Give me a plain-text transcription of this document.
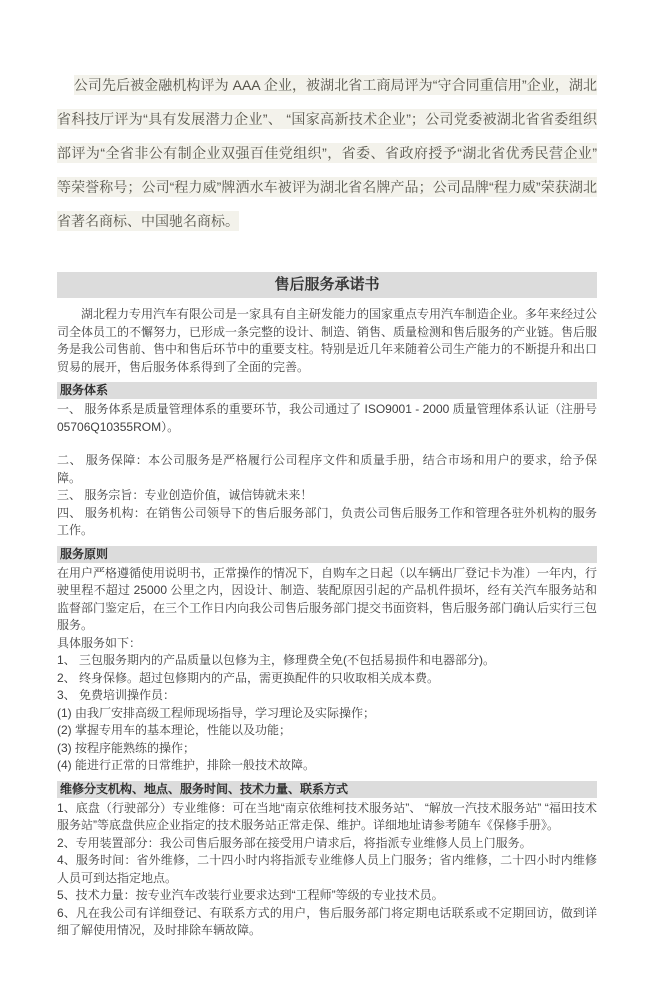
公司先后被金融机构评为 AAA 企业，被湖北省工商局评为“守合同重信用”企业，湖北省科技厅评为“具有发展潜力企业”、 “国家高新技术企业”；公司党委被湖北省省委组织部评为“全省非公有制企业双强百佳党组织”，省委、省政府授予“湖北省优秀民营企业” 等荣誉称号；公司“程力威”牌洒水车被评为湖北省名牌产品；公司品牌“程力威”荣获湖北省著名商标、中国驰名商标。

售后服务承诺书

湖北程力专用汽车有限公司是一家具有自主研发能力的国家重点专用汽车制造企业。多年来经过公司全体员工的不懈努力，已形成一条完整的设计、制造、销售、质量检测和售后服务的产业链。售后服务是我公司售前、售中和售后环节中的重要支柱。特别是近几年来随着公司生产能力的不断提升和出口贸易的展开，售后服务体系得到了全面的完善。

服务体系

一、 服务体系是质量管理体系的重要环节，我公司通过了 ISO9001 - 2000 质量管理体系认证（注册号 05706Q10355ROM）。

二、 服务保障：本公司服务是严格履行公司程序文件和质量手册，结合市场和用户的要求，给予保障。

三、 服务宗旨：专业创造价值，诚信铸就未来！

四、 服务机构：在销售公司领导下的售后服务部门，负责公司售后服务工作和管理各驻外机构的服务工作。

服务原则

在用户严格遵循使用说明书，正常操作的情况下，自购车之日起（以车辆出厂登记卡为准）一年内，行驶里程不超过 25000 公里之内，因设计、制造、装配原因引起的产品机件损坏，经有关汽车服务站和监督部门鉴定后，在三个工作日内向我公司售后服务部门提交书面资料，售后服务部门确认后实行三包服务。

具体服务如下：

1、 三包服务期内的产品质量以包修为主，修理费全免(不包括易损件和电器部分)。

2、 终身保修。超过包修期内的产品，需更换配件的只收取相关成本费。

3、 免费培训操作员：

(1) 由我厂安排高级工程师现场指导，学习理论及实际操作；

(2) 掌握专用车的基本理论，性能以及功能；

(3) 按程序能熟练的操作；

(4) 能进行正常的日常维护，排除一般技术故障。

维修分支机构、地点、服务时间、技术力量、联系方式

1、底盘（行驶部分）专业维修：可在当地“南京依维柯技术服务站”、 “解放一汽技术服务站” “福田技术服务站”等底盘供应企业指定的技术服务站正常走保、维护。详细地址请参考随车《保修手册》。

2、专用装置部分：我公司售后服务部在接受用户请求后，将指派专业维修人员上门服务。

4、服务时间：省外维修，二十四小时内将指派专业维修人员上门服务；省内维修，二十四小时内维修人员可到达指定地点。

5、技术力量：按专业汽车改装行业要求达到“工程师”等级的专业技术员。

6、凡在我公司有详细登记、有联系方式的用户，售后服务部门将定期电话联系或不定期回访，做到详细了解使用情况，及时排除车辆故障。
